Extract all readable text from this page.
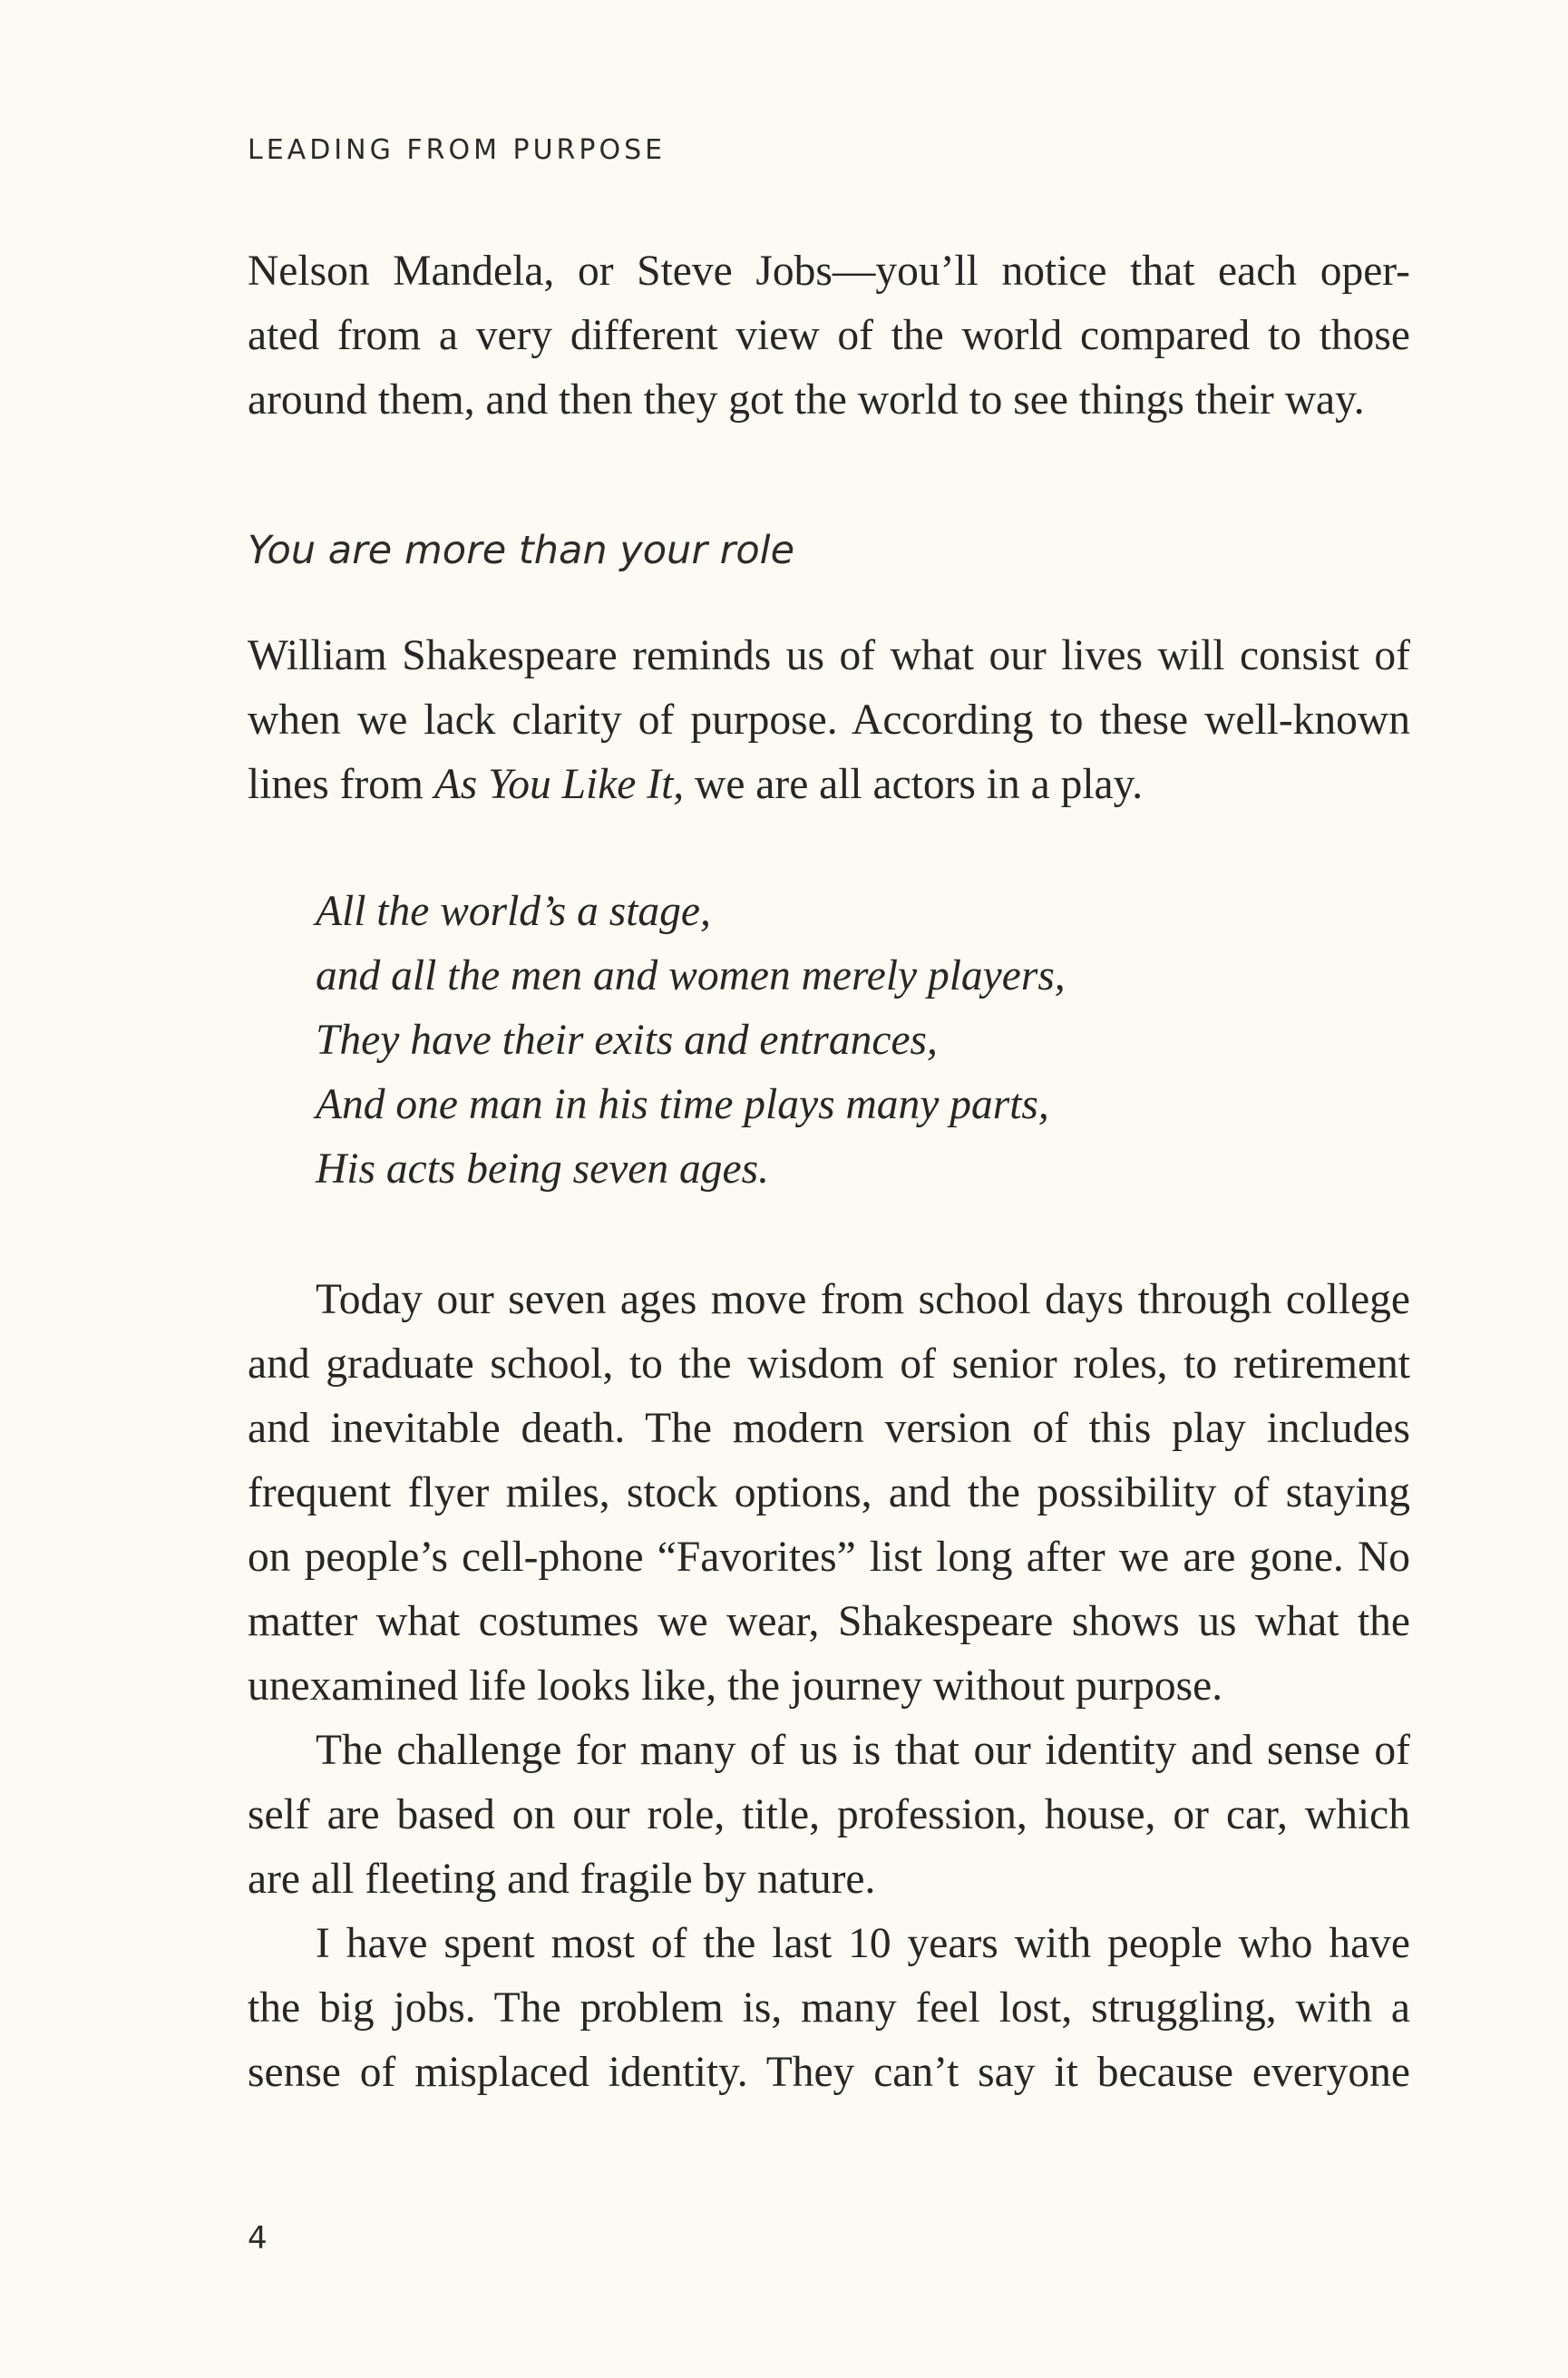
LEADING FROM PURPOSE
Nelson Mandela, or Steve Jobs—you’ll notice that each oper-
ated from a very different view of the world compared to those
around them, and then they got the world to see things their way.
You are more than your role
William Shakespeare reminds us of what our lives will consist of
when we lack clarity of purpose. According to these well-known
lines from As You Like It, we are all actors in a play.
All the world’s a stage,
and all the men and women merely players,
They have their exits and entrances,
And one man in his time plays many parts,
His acts being seven ages.
Today our seven ages move from school days through college
and graduate school, to the wisdom of senior roles, to retirement
and inevitable death. The modern version of this play includes
frequent flyer miles, stock options, and the possibility of staying
on people’s cell-phone “Favorites” list long after we are gone. No
matter what costumes we wear, Shakespeare shows us what the
unexamined life looks like, the journey without purpose.
The challenge for many of us is that our identity and sense of
self are based on our role, title, profession, house, or car, which
are all fleeting and fragile by nature.
I have spent most of the last 10 years with people who have
the big jobs. The problem is, many feel lost, struggling, with a
sense of misplaced identity. They can’t say it because everyone
4
